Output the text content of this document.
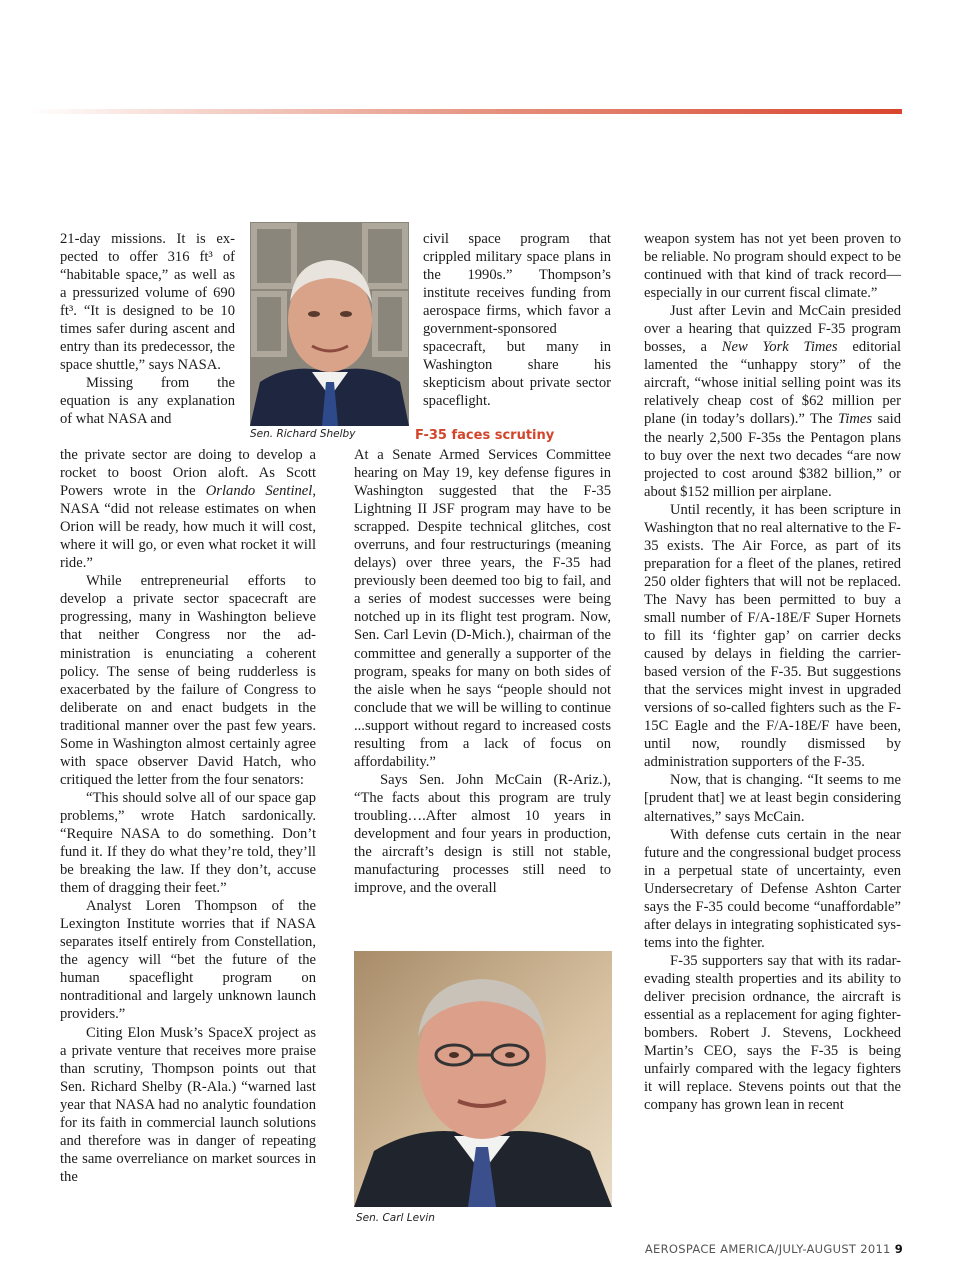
21-day missions. It is expected to offer 316 ft³ of “habitable space,” as well as a pressurized volume of 690 ft³. “It is designed to be 10 times safer during ascent and entry than its predecessor, the space shuttle,” says NASA.

Missing from the equation is any explanation of what NASA and

the private sector are doing to develop a rocket to boost Orion aloft. As Scott Powers wrote in the Orlando Sentinel, NASA “did not release estimates on when Orion will be ready, how much it will cost, where it will go, or even what rocket it will ride.”

While entrepreneurial efforts to develop a private sector spacecraft are progressing, many in Washington believe that neither Congress nor the administration is enunciating a coherent policy. The sense of being rudderless is exacerbated by the failure of Congress to deliberate on and enact budgets in the traditional manner over the past few years. Some in Washington almost certainly agree with space observer David Hatch, who critiqued the letter from the four senators:

“This should solve all of our space gap problems,” wrote Hatch sardonically. “Require NASA to do something. Don’t fund it. If they do what they’re told, they’ll be breaking the law. If they don’t, accuse them of dragging their feet.”

Analyst Loren Thompson of the Lexington Institute worries that if NASA separates itself entirely from Constellation, the agency will “bet the future of the human spaceflight program on nontraditional and largely unknown launch providers.”

Citing Elon Musk’s SpaceX project as a private venture that receives more praise than scrutiny, Thompson points out that Sen. Richard Shelby (R-Ala.) “warned last year that NASA had no analytic foundation for its faith in commercial launch solutions and therefore was in danger of repeating the same overreliance on market sources in the

Sen. Richard Shelby

civil space program that crippled military space plans in the 1990s.” Thompson’s institute receives funding from aerospace firms, which favor a government-sponsored spacecraft, but many in Washington share his skepticism about private sector spaceflight.

F-35 faces scrutiny

At a Senate Armed Services Committee hearing on May 19, key defense figures in Washington suggested that the F-35 Lightning II JSF program may have to be scrapped. Despite technical glitches, cost overruns, and four restructurings (meaning delays) over three years, the F-35 had previously been deemed too big to fail, and a series of modest successes were being notched up in its flight test program. Now, Sen. Carl Levin (D-Mich.), chairman of the committee and generally a supporter of the program, speaks for many on both sides of the aisle when he says “people should not conclude that we will be willing to continue ...support without regard to increased costs resulting from a lack of focus on affordability.”

Says Sen. John McCain (R-Ariz.), “The facts about this program are truly troubling….After almost 10 years in development and four years in production, the aircraft’s design is still not stable, manufacturing processes still need to improve, and the overall

Sen. Carl Levin

weapon system has not yet been proven to be reliable. No program should expect to be continued with that kind of track record—especially in our current fiscal climate.”

Just after Levin and McCain presided over a hearing that quizzed F-35 program bosses, a New York Times editorial lamented the “unhappy story” of the aircraft, “whose initial selling point was its relatively cheap cost of $62 million per plane (in today’s dollars).” The Times said the nearly 2,500 F-35s the Pentagon plans to buy over the next two decades “are now projected to cost around $382 billion,” or about $152 million per airplane.

Until recently, it has been scripture in Washington that no real alternative to the F-35 exists. The Air Force, as part of its preparation for a fleet of the planes, retired 250 older fighters that will not be replaced. The Navy has been permitted to buy a small number of F/A-18E/F Super Hornets to fill its ‘fighter gap’ on carrier decks caused by delays in fielding the carrier-based version of the F-35. But suggestions that the services might invest in upgraded versions of so-called fighters such as the F-15C Eagle and the F/A-18E/F have been, until now, roundly dismissed by administration supporters of the F-35.

Now, that is changing. “It seems to me [prudent that] we at least begin considering alternatives,” says McCain.

With defense cuts certain in the near future and the congressional budget process in a perpetual state of uncertainty, even Undersecretary of Defense Ashton Carter says the F-35 could become “unaffordable” after delays in integrating sophisticated systems into the fighter.

F-35 supporters say that with its radar-evading stealth properties and its ability to deliver precision ordnance, the aircraft is essential as a replacement for aging fighter-bombers. Robert J. Stevens, Lockheed Martin’s CEO, says the F-35 is being unfairly compared with the legacy fighters it will replace. Stevens points out that the company has grown lean in recent

AEROSPACE AMERICA/JULY-AUGUST 2011 9
